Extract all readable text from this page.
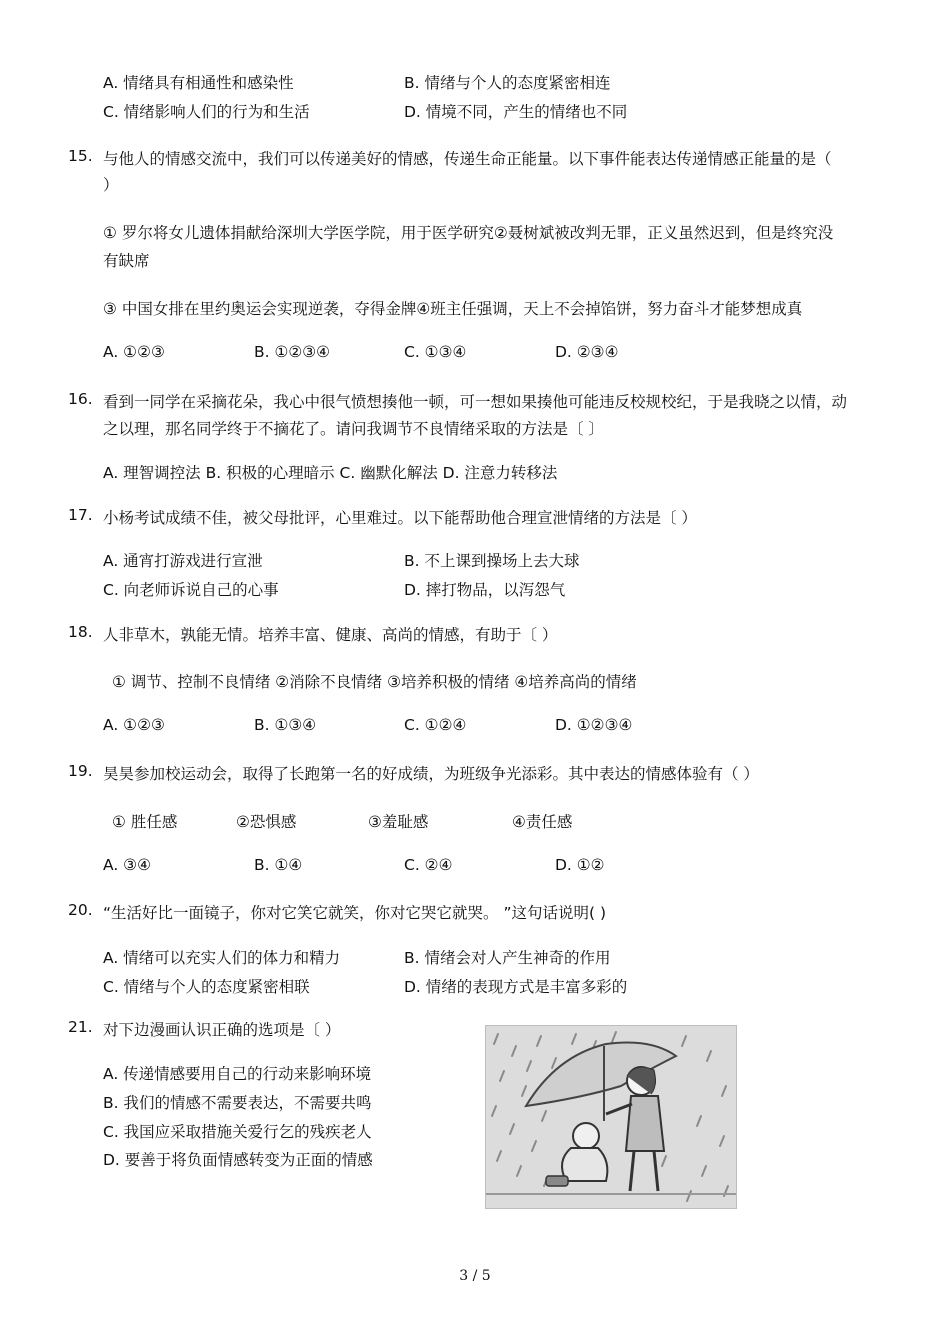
A. 情绪具有相通性和感染性	B. 情绪与个人的态度紧密相连
C. 情绪影响人们的行为和生活	D. 情境不同，产生的情绪也不同
15. 与他人的情感交流中，我们可以传递美好的情感，传递生命正能量。以下事件能表达传递情感正能量的是（
）
① 罗尔将女儿遗体捐献给深圳大学医学院，用于医学研究②聂树斌被改判无罪，正义虽然迟到，但是终究没
有缺席
③ 中国女排在里约奥运会实现逆袭，夺得金牌④班主任强调，天上不会掉馅饼，努力奋斗才能梦想成真
A. ①②③	B. ①②③④	C. ①③④	D. ②③④
16. 看到一同学在采摘花朵，我心中很气愤想揍他一顿，可一想如果揍他可能违反校规校纪，于是我晓之以情，动
之以理，那名同学终于不摘花了。请问我调节不良情绪采取的方法是〔 〕
A. 理智调控法 B. 积极的心理暗示 C. 幽默化解法 D. 注意力转移法
17. 小杨考试成绩不佳，被父母批评，心里难过。以下能帮助他合理宣泄情绪的方法是〔 ）
A. 通宵打游戏进行宣泄	B. 不上课到操场上去大球
C. 向老师诉说自己的心事	D. 摔打物品，以泻怨气
18. 人非草木，孰能无情。培养丰富、健康、高尚的情感，有助于〔 ）
① 调节、控制不良情绪 ②消除不良情绪 ③培养积极的情绪 ④培养高尚的情绪
A. ①②③	B. ①③④	C. ①②④	D. ①②③④
19. 昊昊参加校运动会，取得了长跑第一名的好成绩，为班级争光添彩。其中表达的情感体验有（ ）
① 胜任感	②恐惧感	③羞耻感	④责任感
A. ③④	B. ①④	C. ②④	D. ①②
20. “生活好比一面镜子，你对它笑它就笑，你对它哭它就哭。 ”这句话说明( )
A. 情绪可以充实人们的体力和精力	B. 情绪会对人产生神奇的作用
C. 情绪与个人的态度紧密相联	D. 情绪的表现方式是丰富多彩的
21. 对下边漫画认识正确的选项是〔 ）
A. 传递情感要用自己的行动来影响环境
B. 我们的情感不需要表达，不需要共鸣
C. 我国应采取措施关爱行乞的残疾老人
D. 要善于将负面情感转变为正面的情感
3 / 5
